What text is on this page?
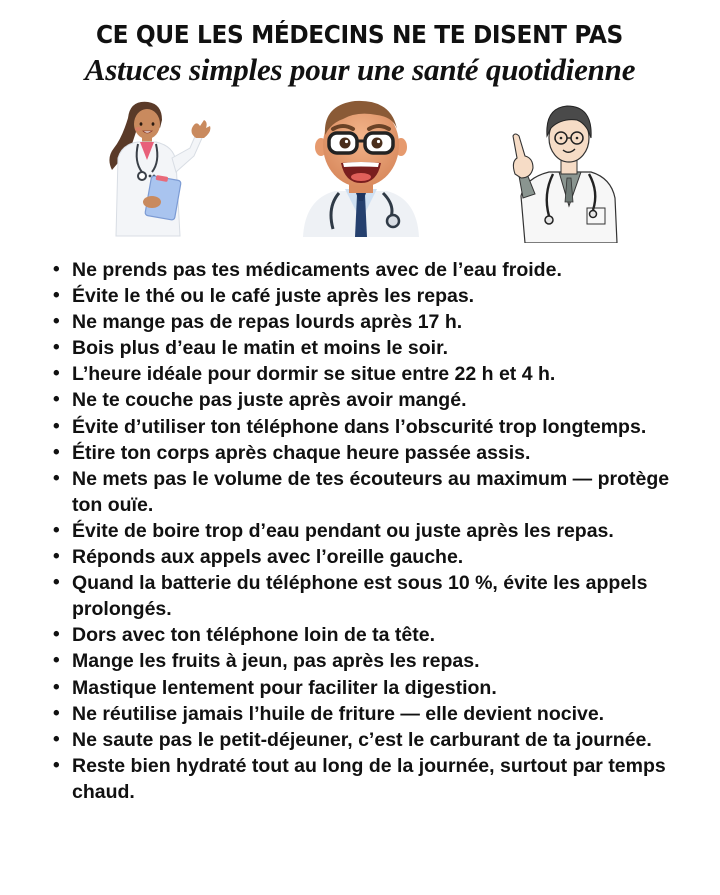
CE QUE LES MÉDECINS NE TE DISENT PAS
Astuces simples pour une santé quotidienne
• Ne prends pas tes médicaments avec de l’eau froide.
• Évite le thé ou le café juste après les repas.
• Ne mange pas de repas lourds après 17 h.
• Bois plus d’eau le matin et moins le soir.
• L’heure idéale pour dormir se situe entre 22 h et 4 h.
• Ne te couche pas juste après avoir mangé.
• Évite d’utiliser ton téléphone dans l’obscurité trop longtemps.
• Étire ton corps après chaque heure passée assis.
• Ne mets pas le volume de tes écouteurs au maximum — protège ton ouïe.
• Évite de boire trop d’eau pendant ou juste après les repas.
• Réponds aux appels avec l’oreille gauche.
• Quand la batterie du téléphone est sous 10 %, évite les appels prolongés.
• Dors avec ton téléphone loin de ta tête.
• Mange les fruits à jeun, pas après les repas.
• Mastique lentement pour faciliter la digestion.
• Ne réutilise jamais l’huile de friture — elle devient nocive.
• Ne saute pas le petit-déjeuner, c’est le carburant de ta journée.
• Reste bien hydraté tout au long de la journée, surtout par temps chaud.
